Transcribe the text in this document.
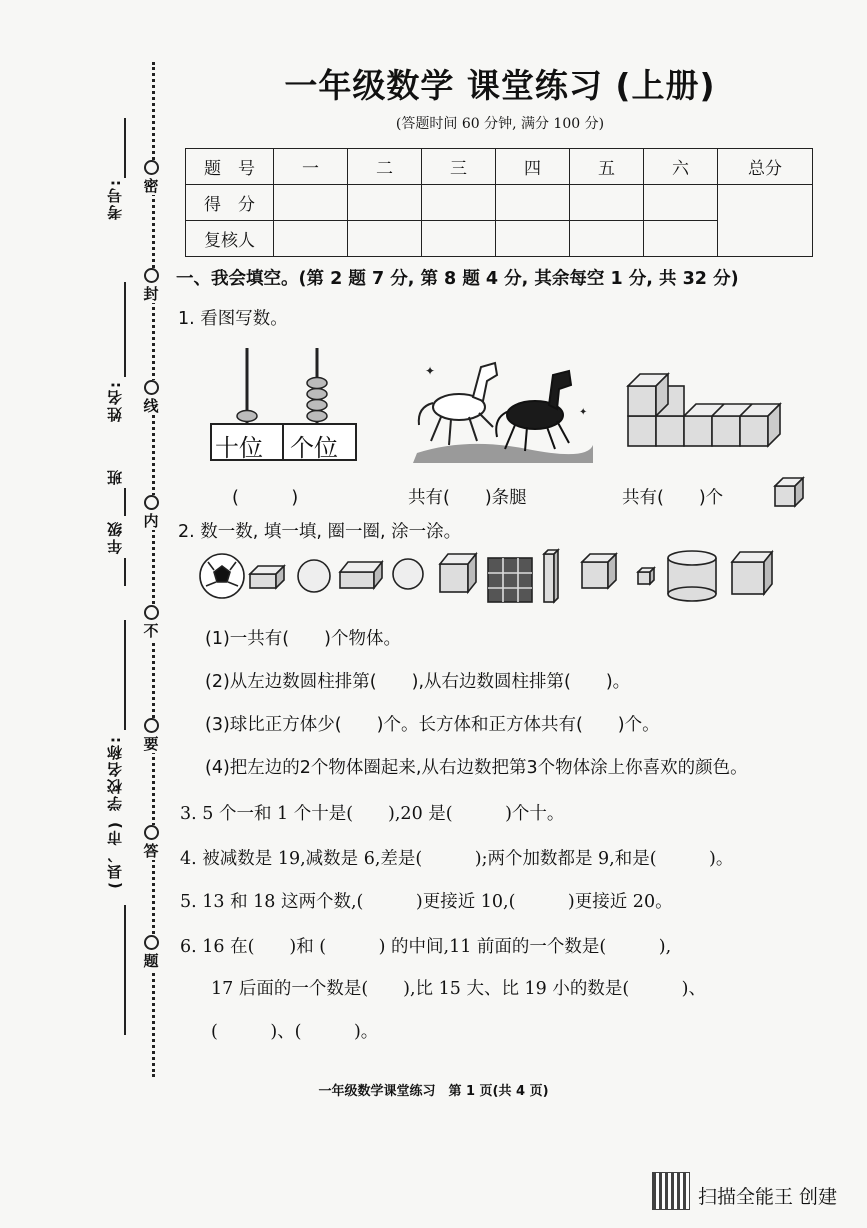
密
封
线
内
不
要
答
题
考号:
姓名:
班
年级
学校名称:
(县、市)
一年级数学 课堂练习 (上册)
(答题时间 60 分钟, 满分 100 分)
题　号	一	二	三	四	五	六	总分
得　分							
复核人							
一、我会填空。(第 2 题 7 分, 第 8 题 4 分, 其余每空 1 分, 共 32 分)
1. 看图写数。
十位 个位
✦
✦
(　　　)	共有(　　)条腿	共有(　　)个
2. 数一数, 填一填, 圈一圈, 涂一涂。
(1)一共有(　　)个物体。
(2)从左边数圆柱排第(　　),从右边数圆柱排第(　　)。
(3)球比正方体少(　　)个。长方体和正方体共有(　　)个。
(4)把左边的2个物体圈起来,从右边数把第3个物体涂上你喜欢的颜色。
3. 5 个一和 1 个十是(　　),20 是(　　　)个十。
4. 被减数是 19,减数是 6,差是(　　　);两个加数都是 9,和是(　　　)。
5. 13 和 18 这两个数,(　　　)更接近 10,(　　　)更接近 20。
6. 16 在(　　)和 (　　　) 的中间,11 前面的一个数是(　　　),
17 后面的一个数是(　　),比 15 大、比 19 小的数是(　　　)、
(　　　)、(　　　)。
一年级数学课堂练习　第 1 页(共 4 页)
扫描全能王 创建
